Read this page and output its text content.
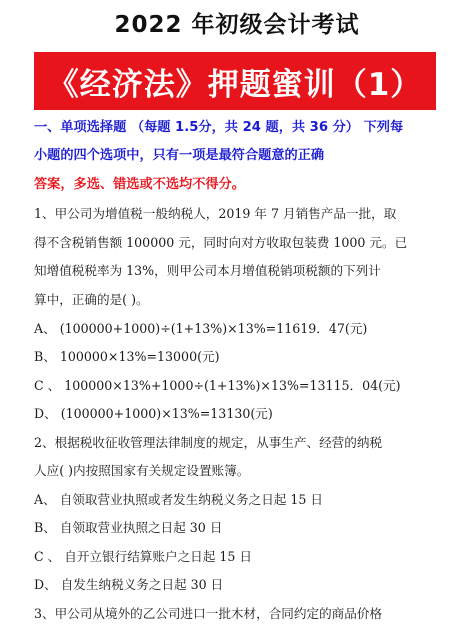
2022 年初级会计考试
《经济法》押题蜜训（1）
一、单项选择题 （每题 1.5分，共 24 题，共 36 分） 下列每
小题的四个选项中，只有一项是最符合题意的正确
答案，多选、错选或不选均不得分。
1、甲公司为增值税一般纳税人，2019 年 7 月销售产品一批，取
得不含税销售额 100000 元，同时向对方收取包装费 1000 元。已
知增值税税率为 13%，则甲公司本月增值税销项税额的下列计
算中，正确的是( )。
A、 (100000+1000)÷(1+13%)×13%=11619．47(元)
B、 100000×13%=13000(元)
C 、 100000×13%+1000÷(1+13%)×13%=13115．04(元)
D、 (100000+1000)×13%=13130(元)
2、根据税收征收管理法律制度的规定，从事生产、经营的纳税
人应( )内按照国家有关规定设置账簿。
A、 自领取营业执照或者发生纳税义务之日起 15 日
B、 自领取营业执照之日起 30 日
C 、 自开立银行结算账户之日起 15 日
D、 自发生纳税义务之日起 30 日
3、甲公司从境外的乙公司进口一批木材，合同约定的商品价格
